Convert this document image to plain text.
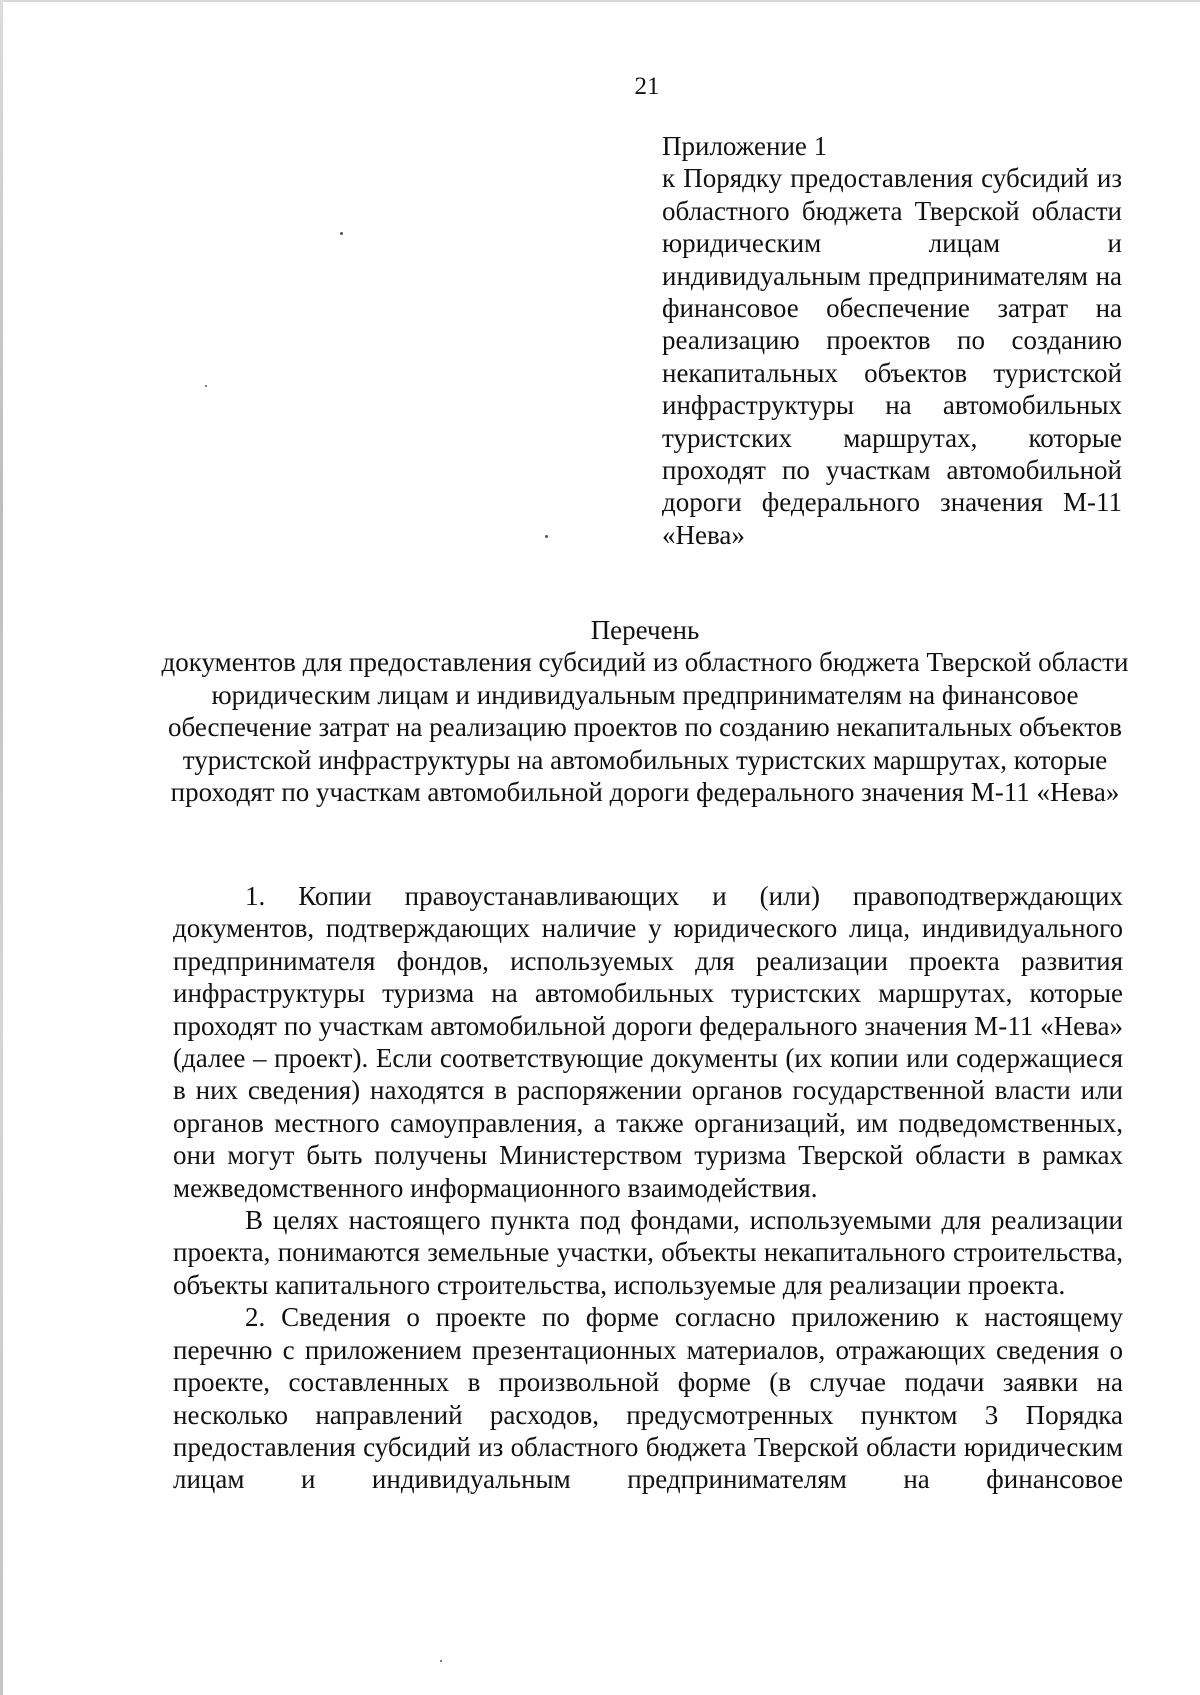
21
Приложение 1
к Порядку предоставления субсидий из областного бюджета Тверской области юридическим лицам и индивидуальным предпринимателям на финансовое обеспечение затрат на реализацию проектов по созданию некапитальных объектов туристской инфраструктуры на автомобильных туристских маршрутах, которые проходят по участкам автомобильной дороги федерального значения М-11 «Нева»
Перечень
документов для предоставления субсидий из областного бюджета Тверской области юридическим лицам и индивидуальным предпринимателям на финансовое обеспечение затрат на реализацию проектов по созданию некапитальных объектов туристской инфраструктуры на автомобильных туристских маршрутах, которые проходят по участкам автомобильной дороги федерального значения М-11 «Нева»

1. Копии правоустанавливающих и (или) правоподтверждающих документов, подтверждающих наличие у юридического лица, индивидуального предпринимателя фондов, используемых для реализации проекта развития инфраструктуры туризма на автомобильных туристских маршрутах, которые проходят по участкам автомобильной дороги федерального значения М-11 «Нева» (далее – проект). Если соответствующие документы (их копии или содержащиеся в них сведения) находятся в распоряжении органов государственной власти или органов местного самоуправления, а также организаций, им подведомственных, они могут быть получены Министерством туризма Тверской области в рамках межведомственного информационного взаимодействия.

В целях настоящего пункта под фондами, используемыми для реализации проекта, понимаются земельные участки, объекты некапитального строительства, объекты капитального строительства, используемые для реализации проекта.

2. Сведения о проекте по форме согласно приложению к настоящему перечню с приложением презентационных материалов, отражающих сведения о проекте, составленных в произвольной форме (в случае подачи заявки на несколько направлений расходов, предусмотренных пунктом 3 Порядка предоставления субсидий из областного бюджета Тверской области юридическим лицам и индивидуальным предпринимателям на финансовое
